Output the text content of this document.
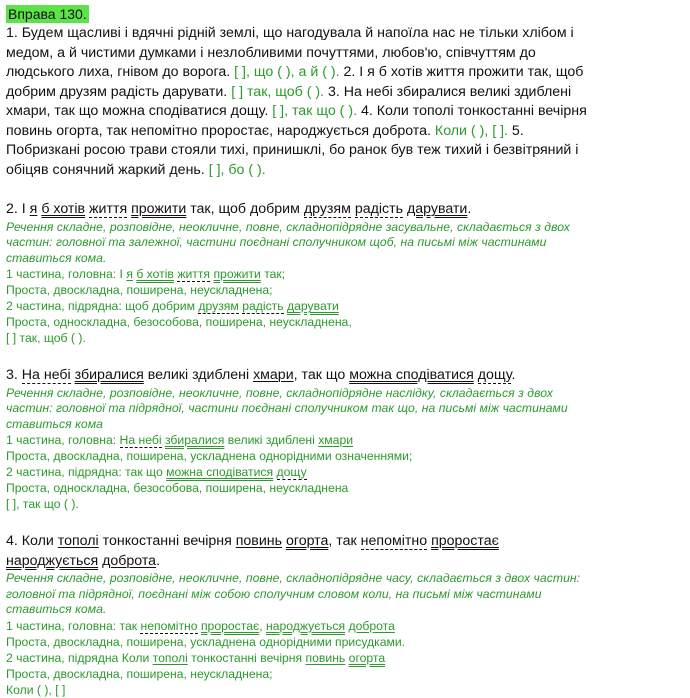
Вправа 130.
1. Будем щасливі і вдячні рідній землі, що нагодувала й напоїла нас не тільки хлібом і
медом, а й чистими думками і незлобливими почуттями, любов'ю, співчуттям до
людського лиха, гнівом до ворога. [ ], що ( ), а й ( ). 2. І я б хотів життя прожити так, щоб
добрим друзям радість дарувати. [ ] так, щоб ( ). 3. На небі збиралися великі здиблені
хмари, так що можна сподіватися дощу. [ ], так що ( ). 4. Коли тополі тонкостанні вечірня
повинь огорта, так непомітно проростає, народжується доброта. Коли ( ), [ ]. 5.
Побризкані росою трави стояли тихі, принишклі, бо ранок був теж тихий і безвітряний і
обіцяв сонячний жаркий день. [ ], бо ( ).
2. І я б хотів життя прожити так, щоб добрим друзям радість дарувати.
Речення складне, розповідне, неокличне, повне, складнопідрядне засувальне, складається з двох
частин: головної та залежної, частини поєднані сполучником щоб, на письмі між частинами
ставиться кома.
1 частина, головна: І я б хотів життя прожити так;
Проста, двоскладна, поширена, неускладнена;
2 частина, підрядна: щоб добрим друзям радість дарувати
Проста, односкладна, безособова, поширена, неускладнена,
[ ] так, щоб ( ).
3. На небі збиралися великі здиблені хмари, так що можна сподіватися дощу.
Речення складне, розповідне, неокличне, повне, складнопідрядне наслідку, складається з двох
частин: головної та підрядної, частини поєднані сполучником так що, на письмі між частинами
ставиться кома
1 частина, головна: На небі збиралися великі здиблені хмари
Проста, двоскладна, поширена, ускладнена однорідними означеннями;
2 частина, підрядна: так що можна сподіватися дощу
Проста, односкладна, безособова, поширена, неускладнена
[ ], так що ( ).
4. Коли тополі тонкостанні вечірня повинь огорта, так непомітно проростає
народжується доброта.
Речення складне, розповідне, неокличне, повне, складнопідрядне часу, складається з двох частин:
головної та підрядної, поєднані між собою сполучним словом коли, на письмі між частинами
ставиться кома.
1 частина, головна: так непомітно проростає, народжується доброта
Проста, двоскладна, поширена, ускладнена однорідними присудками.
2 частина, підрядна Коли тополі тонкостанні вечірня повинь огорта
Проста, двоскладна, поширена, неускладнена;
Коли ( ), [ ]
